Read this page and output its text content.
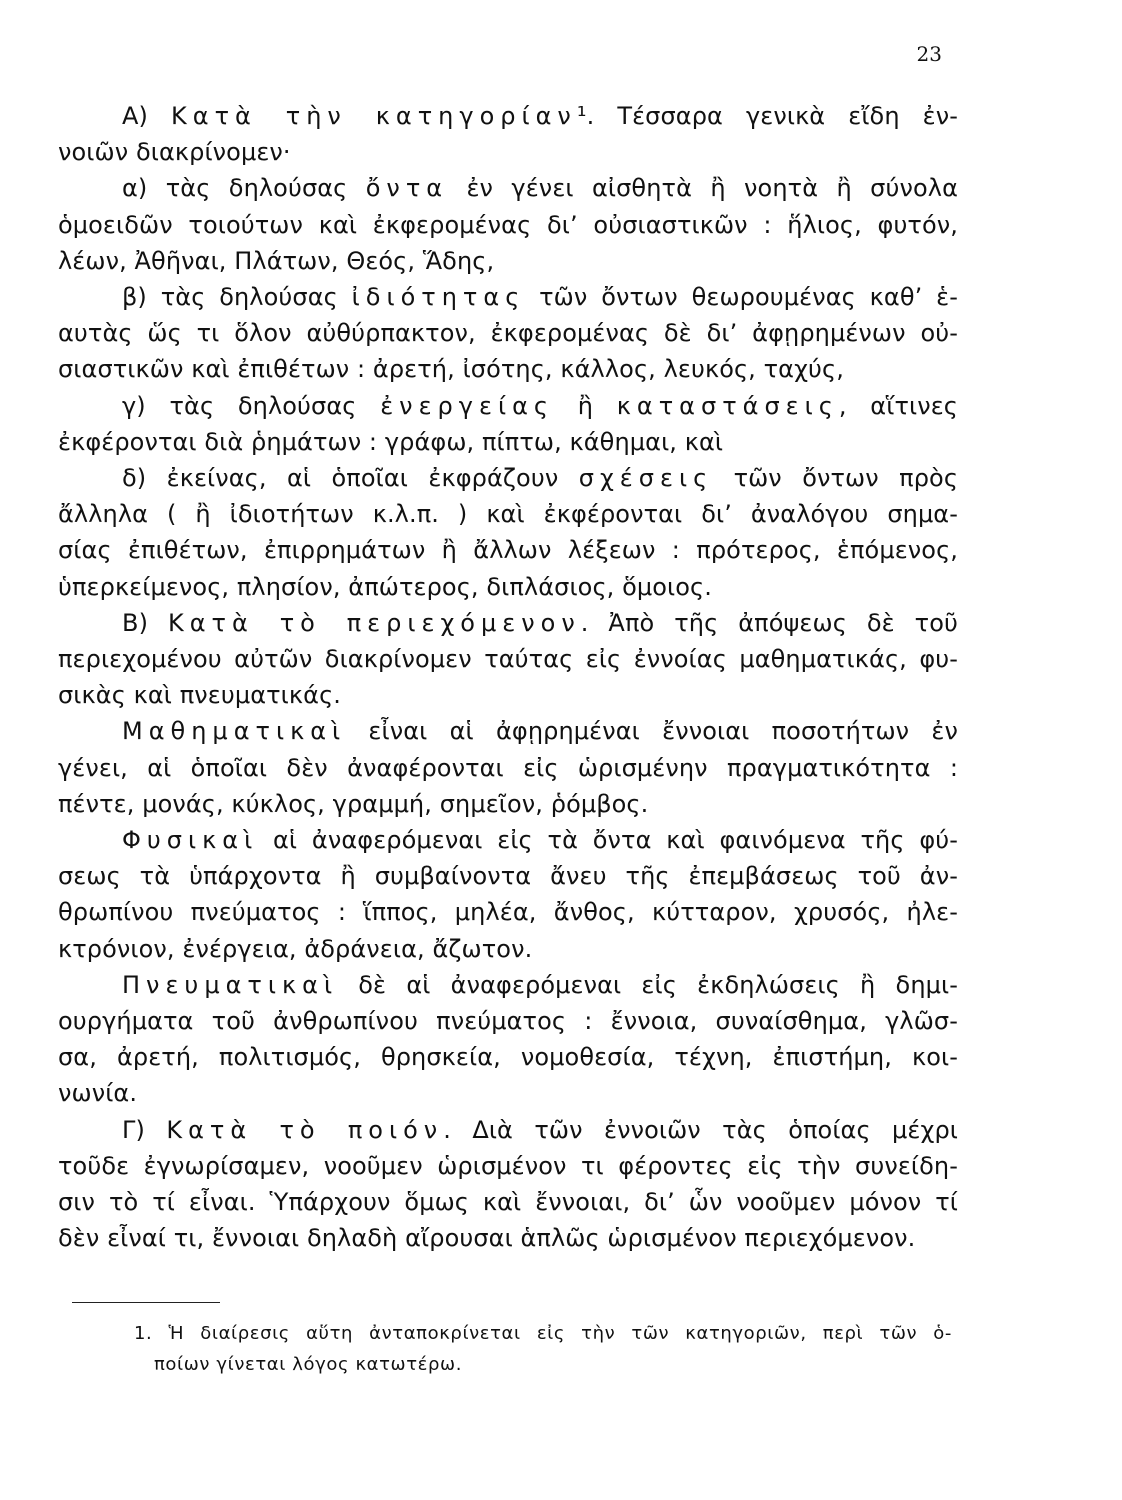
23
Α) Κατὰ τὴν κατηγορίαν¹. Τέσσαρα γενικὰ εἴδη ἐν-
νοιῶν διακρίνομεν·
α) τὰς δηλούσας ὄντα ἐν γένει αἰσθητὰ ἢ νοητὰ ἢ σύνολα
ὁμοειδῶν τοιούτων καὶ ἐκφερομένας δι’ οὐσιαστικῶν : ἥλιος, φυτόν,
λέων, Ἀθῆναι, Πλάτων, Θεός, Ἅδης,
β) τὰς δηλούσας ἰδιότητας τῶν ὄντων θεωρουμένας καθ’ ἑ-
αυτὰς ὥς τι ὅλον αὐθύρπακτον, ἐκφερομένας δὲ δι’ ἀφῃρημένων οὐ-
σιαστικῶν καὶ ἐπιθέτων : ἀρετή, ἰσότης, κάλλος, λευκός, ταχύς,
γ) τὰς δηλούσας ἐνεργείας ἢ καταστάσεις, αἵτινες
ἐκφέρονται διὰ ῥημάτων : γράφω, πίπτω, κάθημαι, καὶ
δ) ἐκείνας, αἱ ὁποῖαι ἐκφράζουν σχέσεις τῶν ὄντων πρὸς
ἄλληλα ( ἢ ἰδιοτήτων κ.λ.π. ) καὶ ἐκφέρονται δι’ ἀναλόγου σημα-
σίας ἐπιθέτων, ἐπιρρημάτων ἢ ἄλλων λέξεων : πρότερος, ἑπόμενος,
ὑπερκείμενος, πλησίον, ἀπώτερος, διπλάσιος, ὅμοιος.
Β) Κατὰ τὸ περιεχόμενον. Ἀπὸ τῆς ἀπόψεως δὲ τοῦ
περιεχομένου αὐτῶν διακρίνομεν ταύτας εἰς ἐννοίας μαθηματικάς, φυ-
σικὰς καὶ πνευματικάς.
Μαθηματικαὶ εἶναι αἱ ἀφῃρημέναι ἔννοιαι ποσοτήτων ἐν
γένει, αἱ ὁποῖαι δὲν ἀναφέρονται εἰς ὡρισμένην πραγματικότητα :
πέντε, μονάς, κύκλος, γραμμή, σημεῖον, ῥόμβος.
Φυσικαὶ αἱ ἀναφερόμεναι εἰς τὰ ὄντα καὶ φαινόμενα τῆς φύ-
σεως τὰ ὑπάρχοντα ἢ συμβαίνοντα ἄνευ τῆς ἐπεμβάσεως τοῦ ἀν-
θρωπίνου πνεύματος : ἵππος, μηλέα, ἄνθος, κύτταρον, χρυσός, ἠλε-
κτρόνιον, ἐνέργεια, ἀδράνεια, ἄζωτον.
Πνευματικαὶ δὲ αἱ ἀναφερόμεναι εἰς ἐκδηλώσεις ἢ δημι-
ουργήματα τοῦ ἀνθρωπίνου πνεύματος : ἔννοια, συναίσθημα, γλῶσ-
σα, ἀρετή, πολιτισμός, θρησκεία, νομοθεσία, τέχνη, ἐπιστήμη, κοι-
νωνία.
Γ) Κατὰ τὸ ποιόν. Διὰ τῶν ἐννοιῶν τὰς ὁποίας μέχρι
τοῦδε ἐγνωρίσαμεν, νοοῦμεν ὡρισμένον τι φέροντες εἰς τὴν συνείδη-
σιν τὸ τί εἶναι. Ὑπάρχουν ὅμως καὶ ἔννοιαι, δι’ ὧν νοοῦμεν μόνον τί
δὲν εἶναί τι, ἔννοιαι δηλαδὴ αἴρουσαι ἁπλῶς ὡρισμένον περιεχόμενον.
1. Ἡ διαίρεσις αὕτη ἀνταποκρίνεται εἰς τὴν τῶν κατηγοριῶν, περὶ τῶν ὁ-
ποίων γίνεται λόγος κατωτέρω.
